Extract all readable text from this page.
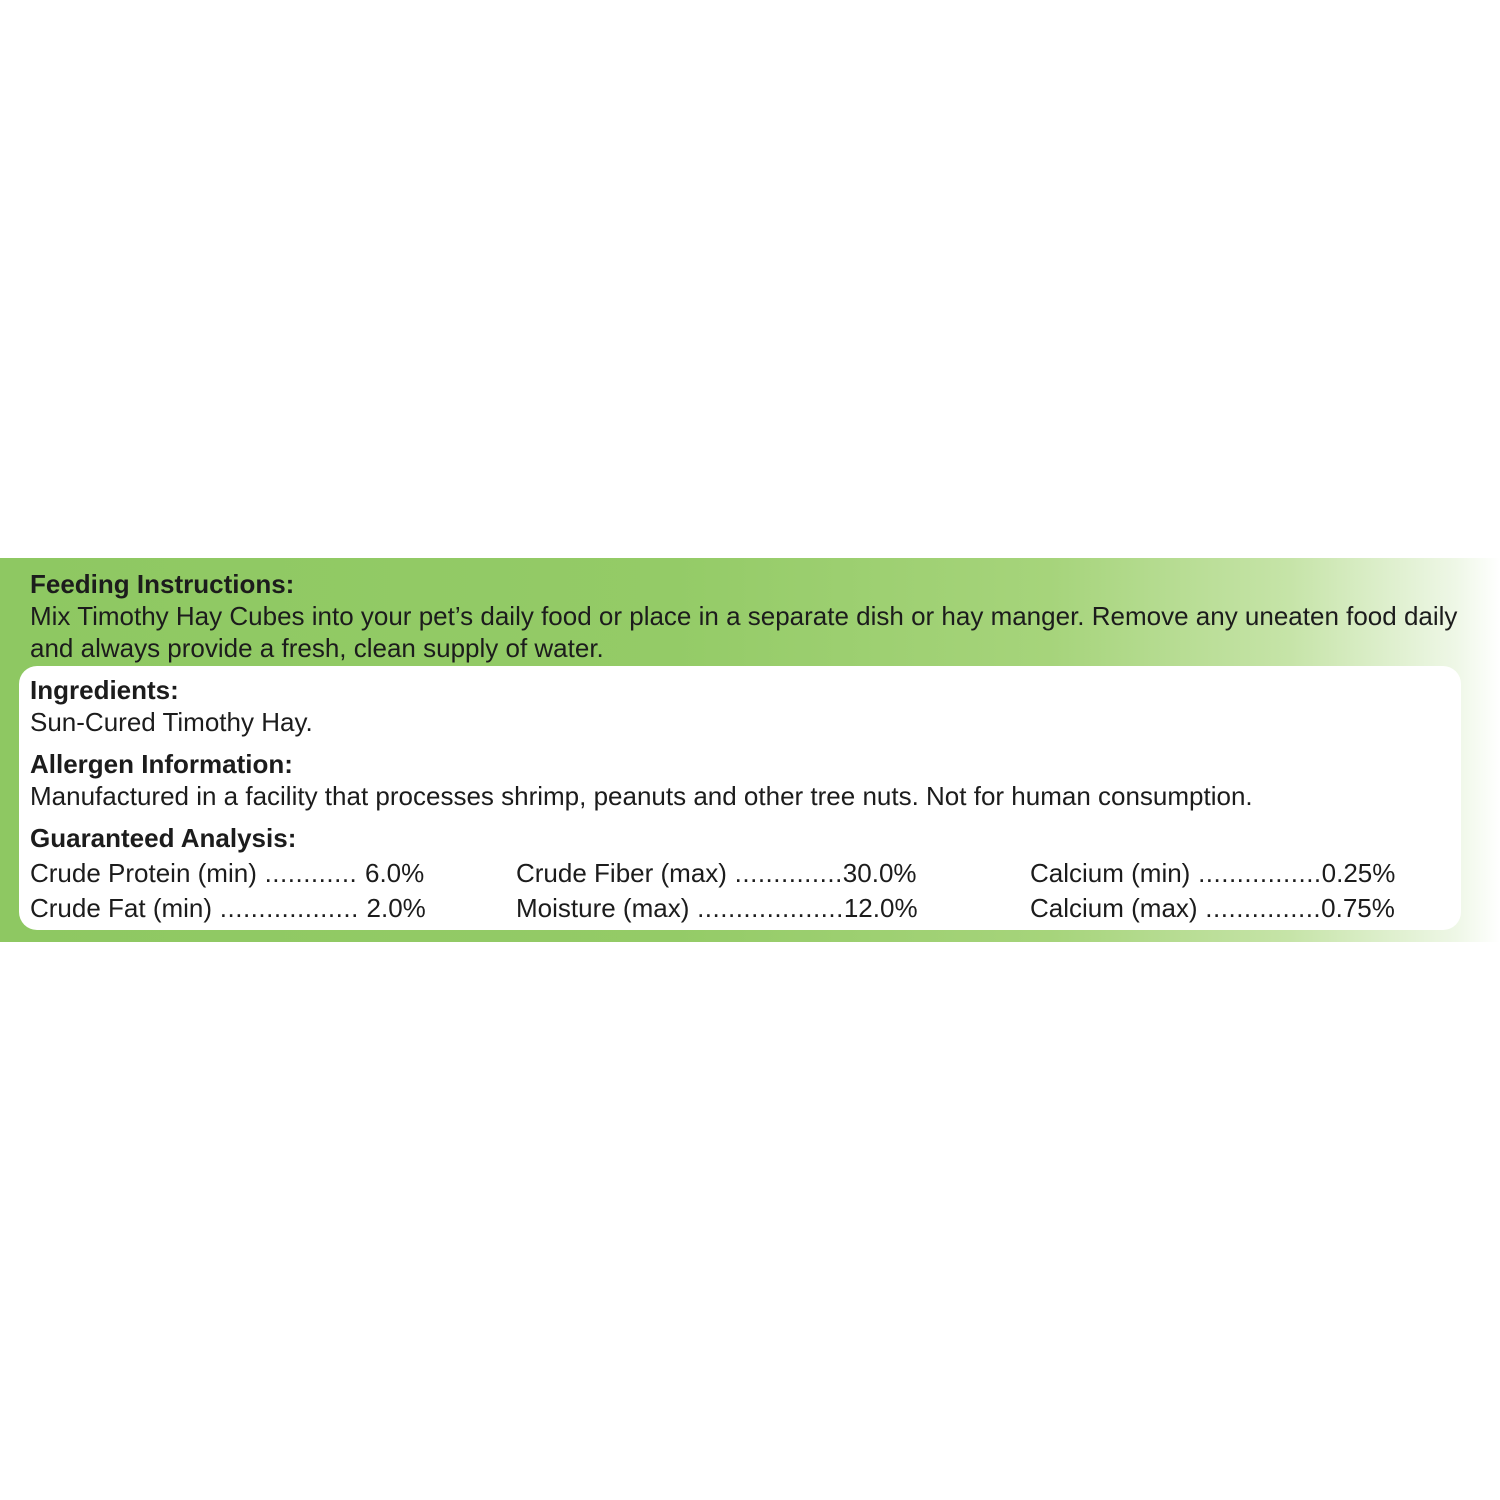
Feeding Instructions:

Mix Timothy Hay Cubes into your pet’s daily food or place in a separate dish or hay manger. Remove any uneaten food daily and always provide a fresh, clean supply of water.

Ingredients:

Sun-Cured Timothy Hay.

Allergen Information:

Manufactured in a facility that processes shrimp, peanuts and other tree nuts. Not for human consumption.

Guaranteed Analysis:

Crude Protein (min) ............ 6.0%
Crude Fat (min) .................. 2.0%
Crude Fiber (max) .............. 30.0%
Moisture (max) ................... 12.0%
Calcium (min) ................ 0.25%
Calcium (max) ............... 0.75%
